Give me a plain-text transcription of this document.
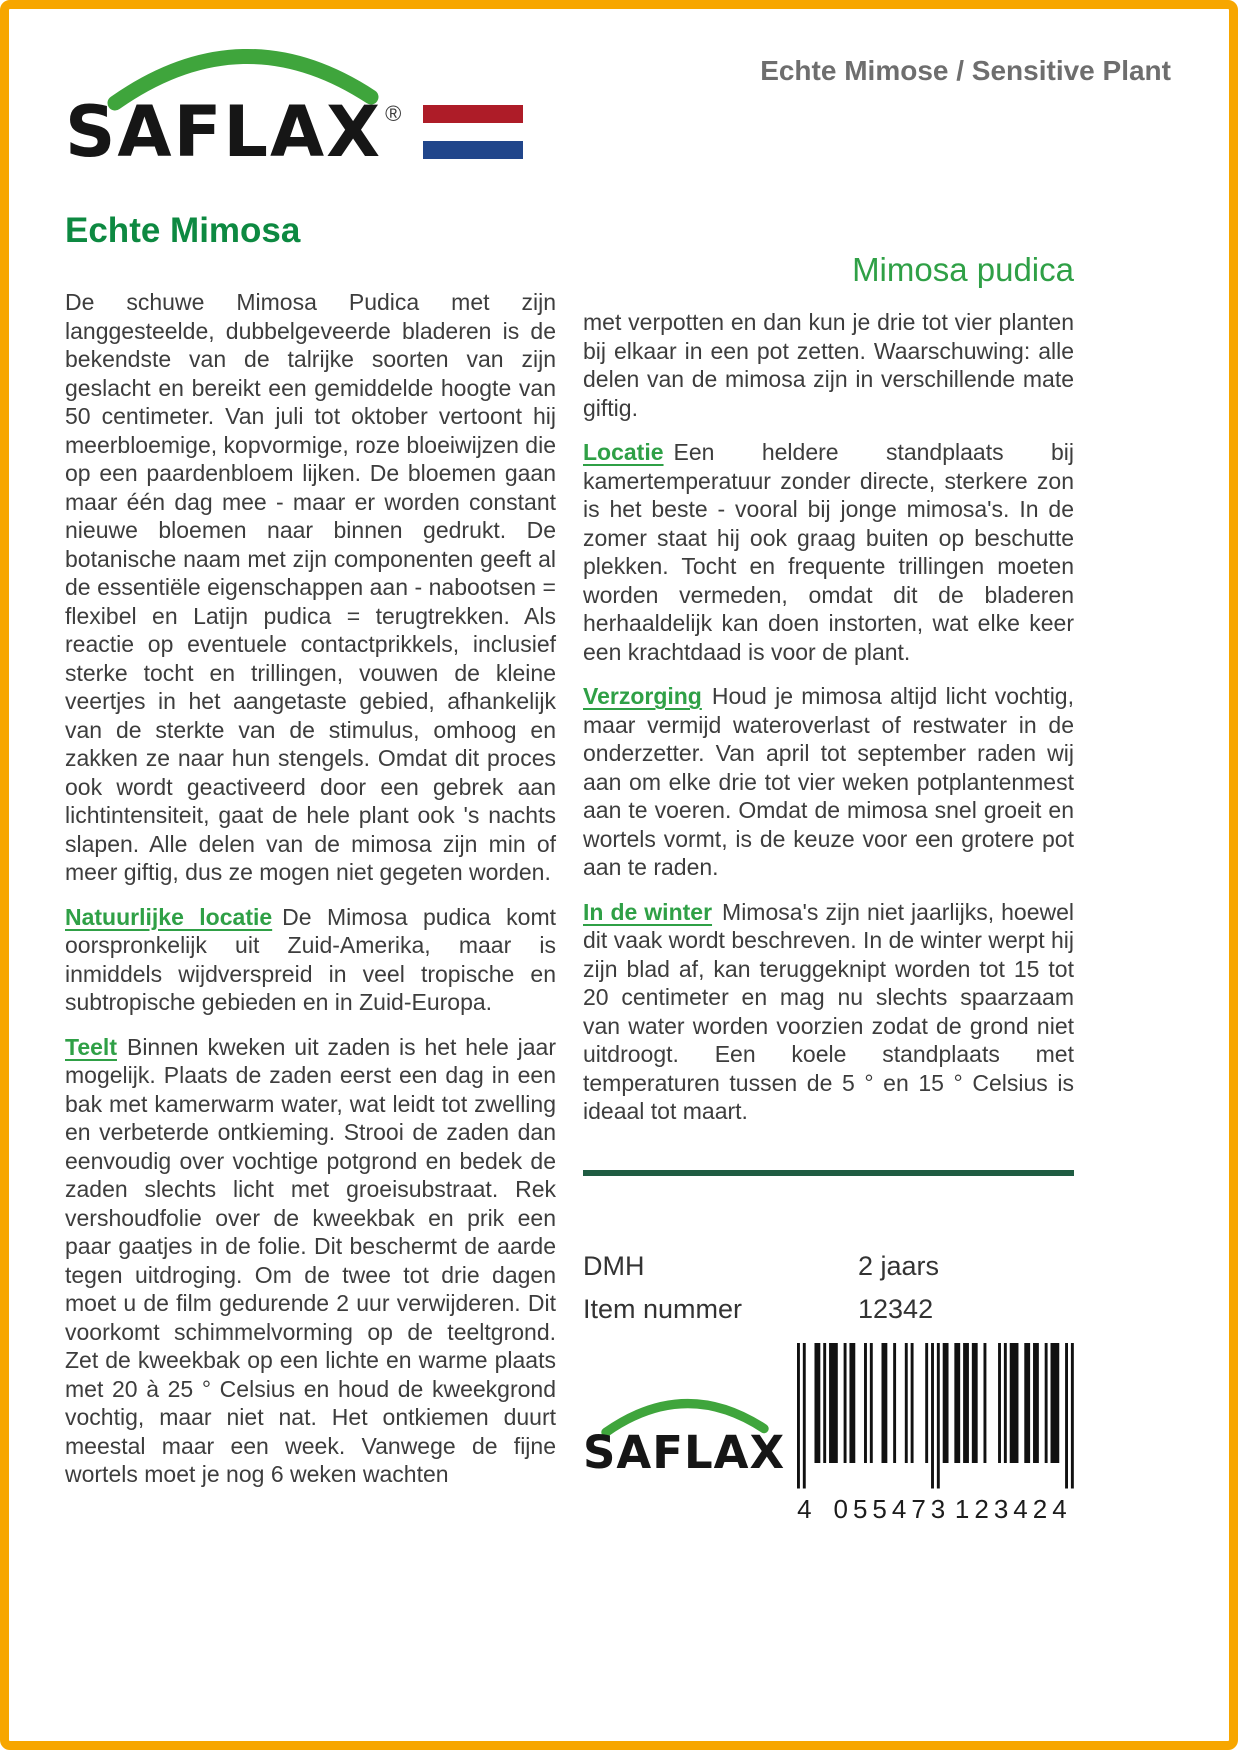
SAFLAX ®
Echte Mimose / Sensitive Plant
Echte Mimosa

De schuwe Mimosa Pudica met zijn langgesteelde, dubbelgeveerde bladeren is de bekendste van de talrijke soorten van zijn geslacht en bereikt een gemiddelde hoogte van 50 centimeter. Van juli tot oktober vertoont hij meerbloemige, kopvormige, roze bloeiwijzen die op een paardenbloem lijken. De bloemen gaan maar één dag mee - maar er worden constant nieuwe bloemen naar binnen gedrukt. De botanische naam met zijn componenten geeft al de essentiële eigenschappen aan - nabootsen = flexibel en Latijn pudica = terugtrekken. Als reactie op eventuele contactprikkels, inclusief sterke tocht en trillingen, vouwen de kleine veertjes in het aangetaste gebied, afhankelijk van de sterkte van de stimulus, omhoog en zakken ze naar hun stengels. Omdat dit proces ook wordt geactiveerd door een gebrek aan lichtintensiteit, gaat de hele plant ook 's nachts slapen. Alle delen van de mimosa zijn min of meer giftig, dus ze mogen niet gegeten worden.

Natuurlijke locatie De Mimosa pudica komt oorspronkelijk uit Zuid-Amerika, maar is inmiddels wijdverspreid in veel tropische en subtropische gebieden en in Zuid-Europa.

Teelt Binnen kweken uit zaden is het hele jaar mogelijk. Plaats de zaden eerst een dag in een bak met kamerwarm water, wat leidt tot zwelling en verbeterde ontkieming. Strooi de zaden dan eenvoudig over vochtige potgrond en bedek de zaden slechts licht met groeisubstraat. Rek vershoudfolie over de kweekbak en prik een paar gaatjes in de folie. Dit beschermt de aarde tegen uitdroging. Om de twee tot drie dagen moet u de film gedurende 2 uur verwijderen. Dit voorkomt schimmelvorming op de teeltgrond. Zet de kweekbak op een lichte en warme plaats met 20 à 25 ° Celsius en houd de kweekgrond vochtig, maar niet nat. Het ontkiemen duurt meestal maar een week. Vanwege de fijne wortels moet je nog 6 weken wachten

Mimosa pudica

met verpotten en dan kun je drie tot vier planten bij elkaar in een pot zetten. Waarschuwing: alle delen van de mimosa zijn in verschillende mate giftig.

Locatie Een heldere standplaats bij kamertemperatuur zonder directe, sterkere zon is het beste - vooral bij jonge mimosa's. In de zomer staat hij ook graag buiten op beschutte plekken. Tocht en frequente trillingen moeten worden vermeden, omdat dit de bladeren herhaaldelijk kan doen instorten, wat elke keer een krachtdaad is voor de plant.

Verzorging Houd je mimosa altijd licht vochtig, maar vermijd wateroverlast of restwater in de onderzetter. Van april tot september raden wij aan om elke drie tot vier weken potplantenmest aan te voeren. Omdat de mimosa snel groeit en wortels vormt, is de keuze voor een grotere pot aan te raden.

In de winter Mimosa's zijn niet jaarlijks, hoewel dit vaak wordt beschreven. In de winter werpt hij zijn blad af, kan teruggeknipt worden tot 15 tot 20 centimeter en mag nu slechts spaarzaam van water worden voorzien zodat de grond niet uitdroogt. Een koele standplaats met temperaturen tussen de 5 ° en 15 ° Celsius is ideaal tot maart.

DMH	2 jaars
Item nummer	12342
SAFLAX
4 055473 123424
